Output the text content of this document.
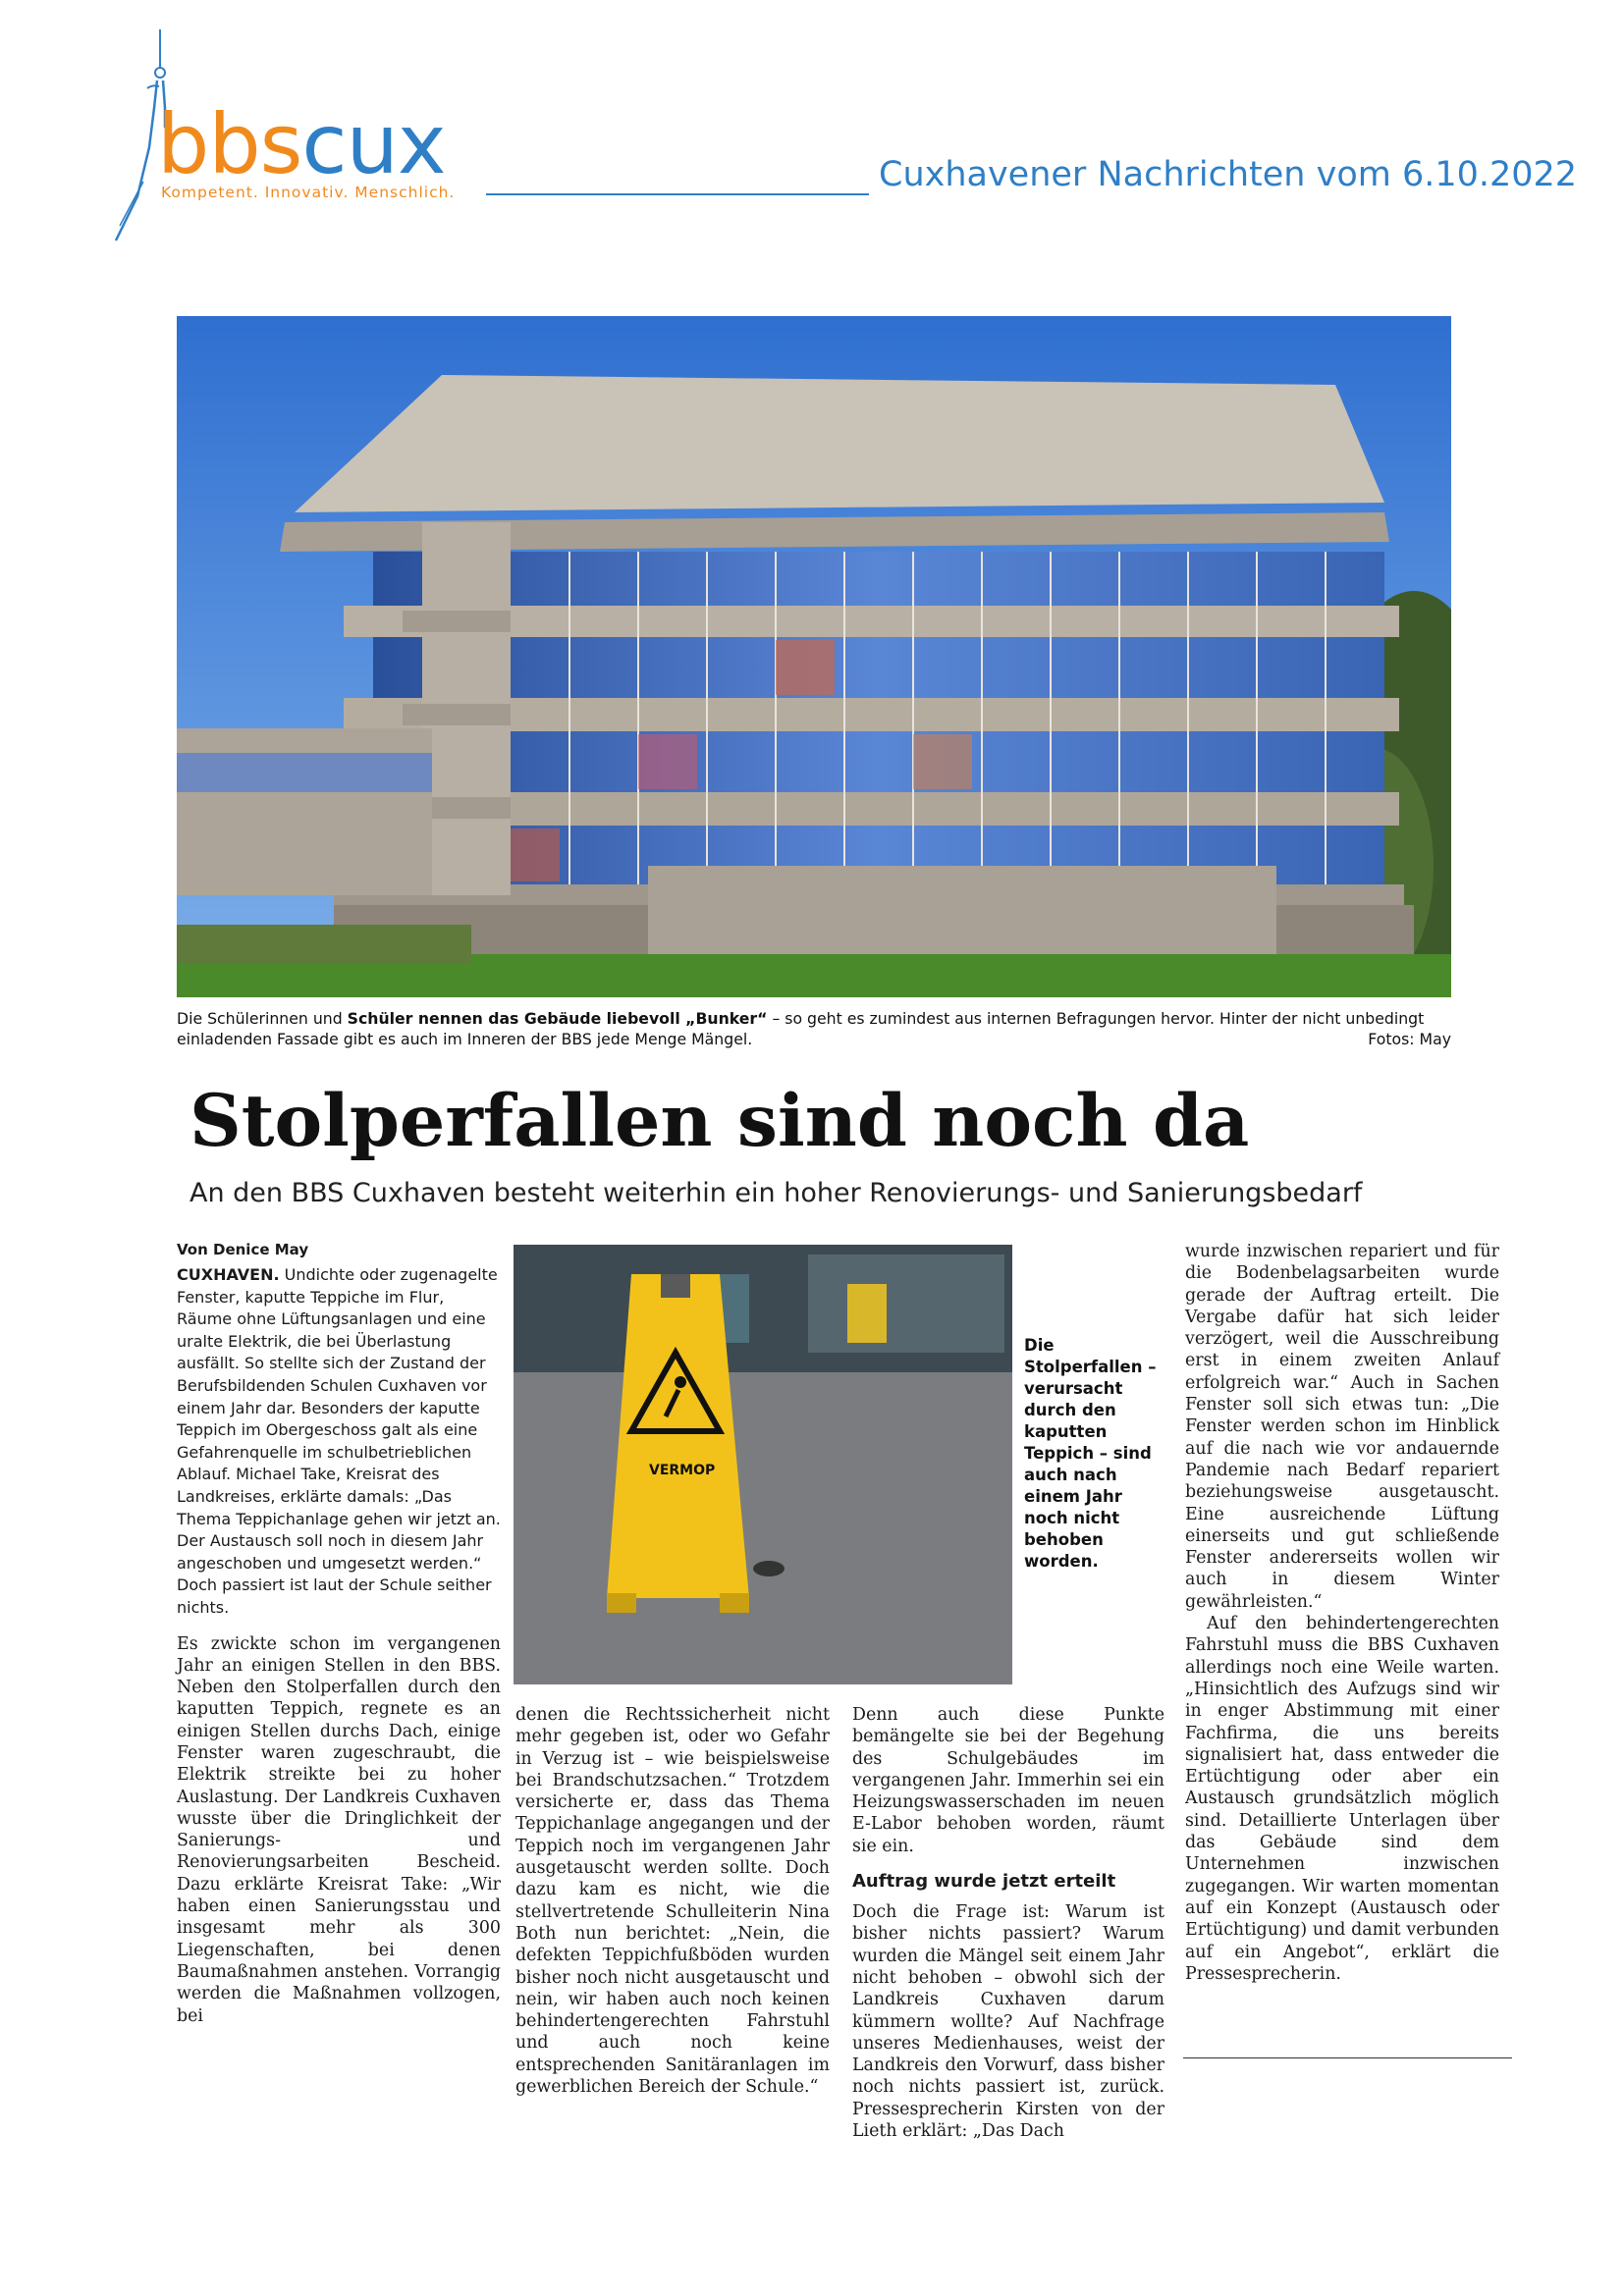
bbscux
Kompetent. Innovativ. Menschlich.	Cuxhavener Nachrichten vom 6.10.2022
Die Schülerinnen und Schüler nennen das Gebäude liebevoll „Bunker“ – so geht es zumindest aus internen Befragungen hervor. Hinter der nicht unbedingt einladenden Fassade gibt es auch im Inneren der BBS jede Menge Mängel.	Fotos: May
Stolperfallen sind noch da
An den BBS Cuxhaven besteht weiterhin ein hoher Renovierungs- und Sanierungsbedarf

Von Denice May

CUXHAVEN. Undichte oder zugenagelte Fenster, kaputte Teppiche im Flur, Räume ohne Lüftungsanlagen und eine uralte Elektrik, die bei Überlastung ausfällt. So stellte sich der Zustand der Berufsbildenden Schulen Cuxhaven vor einem Jahr dar. Besonders der kaputte Teppich im Obergeschoss galt als eine Gefahrenquelle im schulbetrieblichen Ablauf. Michael Take, Kreisrat des Landkreises, erklärte damals: „Das Thema Teppichanlage gehen wir jetzt an. Der Austausch soll noch in diesem Jahr angeschoben und umgesetzt werden.“ Doch passiert ist laut der Schule seither nichts.

Es zwickte schon im vergangenen Jahr an einigen Stellen in den BBS. Neben den Stolperfallen durch den kaputten Teppich, regnete es an einigen Stellen durchs Dach, einige Fenster waren zugeschraubt, die Elektrik streikte bei zu hoher Auslastung. Der Landkreis Cuxhaven wusste über die Dringlichkeit der Sanierungs- und Renovierungsarbeiten Bescheid. Dazu erklärte Kreisrat Take: „Wir haben einen Sanierungsstau und insgesamt mehr als 300 Liegenschaften, bei denen Baumaßnahmen anstehen. Vorrangig werden die Maßnahmen vollzogen, bei

VERMOP
Die Stolperfallen – verursacht durch den kaputten Teppich – sind auch nach einem Jahr noch nicht behoben worden.
denen die Rechtssicherheit nicht mehr gegeben ist, oder wo Gefahr in Verzug ist – wie beispielsweise bei Brandschutzsachen.“ Trotzdem versicherte er, dass das Thema Teppichanlage angegangen und der Teppich noch im vergangenen Jahr ausgetauscht werden sollte. Doch dazu kam es nicht, wie die stellvertretende Schulleiterin Nina Both nun berichtet: „Nein, die defekten Teppichfußböden wurden bisher noch nicht ausgetauscht und nein, wir haben auch noch keinen behindertengerechten Fahrstuhl und auch noch keine entsprechenden Sanitäranlagen im gewerblichen Bereich der Schule.“

Denn auch diese Punkte bemängelte sie bei der Begehung des Schulgebäudes im vergangenen Jahr. Immerhin sei ein Heizungswasserschaden im neuen E-Labor behoben worden, räumt sie ein.

Auftrag wurde jetzt erteilt

Doch die Frage ist: Warum ist bisher nichts passiert? Warum wurden die Mängel seit einem Jahr nicht behoben – obwohl sich der Landkreis Cuxhaven darum kümmern wollte? Auf Nachfrage unseres Medienhauses, weist der Landkreis den Vorwurf, dass bisher noch nichts passiert ist, zurück. Pressesprecherin Kirsten von der Lieth erklärt: „Das Dach

wurde inzwischen repariert und für die Bodenbelagsarbeiten wurde gerade der Auftrag erteilt. Die Vergabe dafür hat sich leider verzögert, weil die Ausschreibung erst in einem zweiten Anlauf erfolgreich war.“ Auch in Sachen Fenster soll sich etwas tun: „Die Fenster werden schon im Hinblick auf die nach wie vor andauernde Pandemie nach Bedarf repariert beziehungsweise ausgetauscht. Eine ausreichende Lüftung einerseits und gut schließende Fenster andererseits wollen wir auch in diesem Winter gewährleisten.“

Auf den behindertengerechten Fahrstuhl muss die BBS Cuxhaven allerdings noch eine Weile warten. „Hinsichtlich des Aufzugs sind wir in enger Abstimmung mit einer Fachfirma, die uns bereits signalisiert hat, dass entweder die Ertüchtigung oder aber ein Austausch grundsätzlich möglich sind. Detaillierte Unterlagen über das Gebäude sind dem Unternehmen inzwischen zugegangen. Wir warten momentan auf ein Konzept (Austausch oder Ertüchtigung) und damit verbunden auf ein Angebot“, erklärt die Pressesprecherin.
